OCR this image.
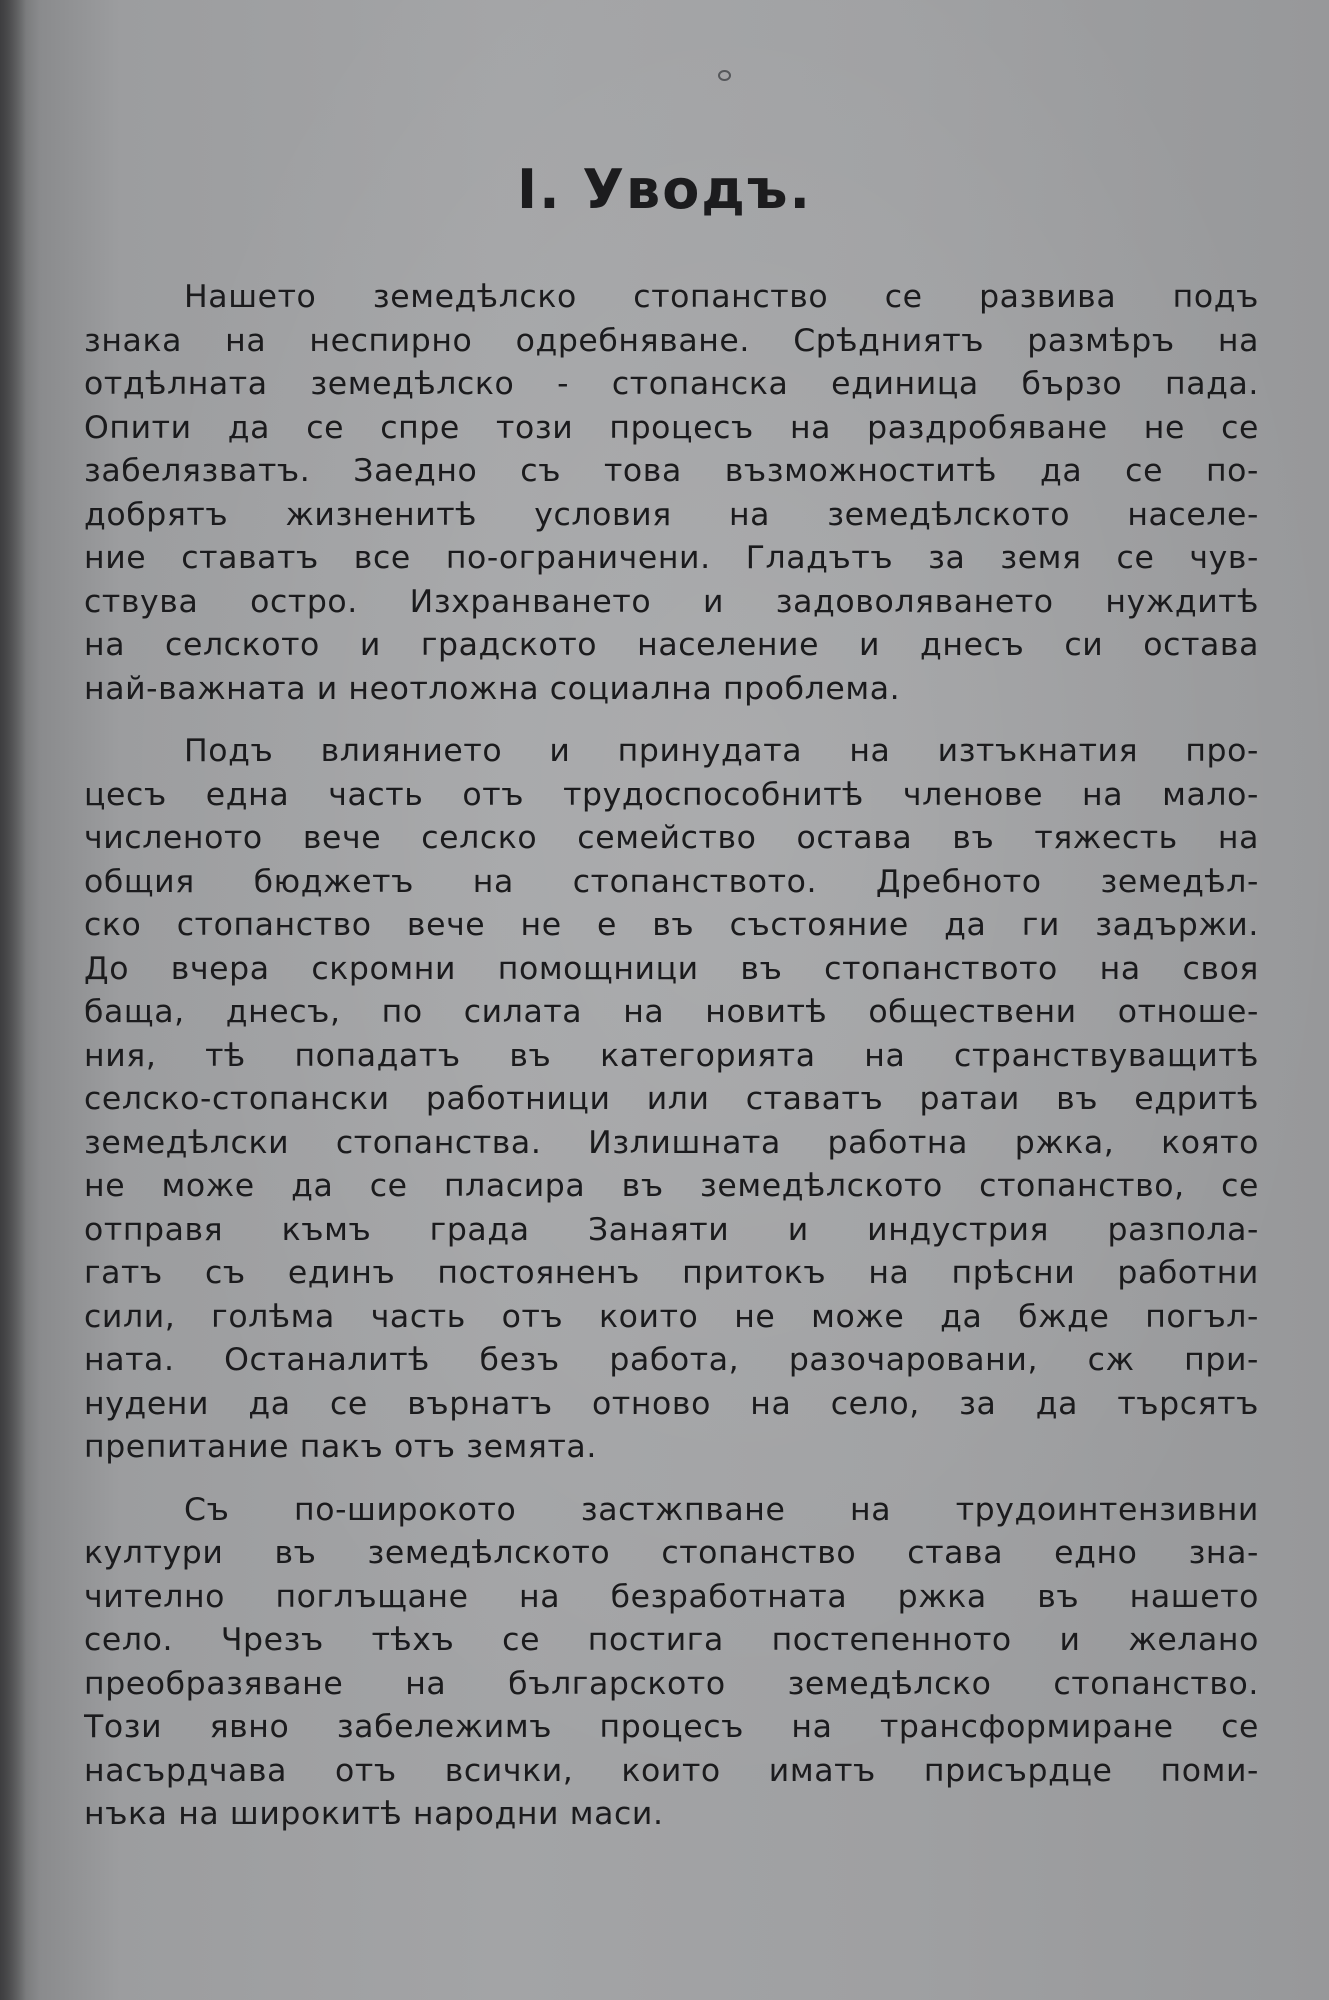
I. Уводъ.
Нашето земедѣлско стопанство се развива подъ
знака на неспирно одребняване. Срѣдниятъ размѣръ на
отдѣлната земедѣлско - стопанска единица бързо пада.
Опити да се спре този процесъ на раздробяване не се
забелязватъ. Заедно съ това възможноститѣ да се по-
добрятъ жизненитѣ условия на земедѣлското населе-
ние ставатъ все по-ограничени. Гладътъ за земя се чув-
ствува остро. Изхранването и задоволяването нуждитѣ
на селското и градското население и днесъ си остава
най-важната и неотложна социална проблема.
Подъ влиянието и принудата на изтъкнатия про-
цесъ една часть отъ трудоспособнитѣ членове на мало-
численото вече селско семейство остава въ тяжесть на
общия бюджетъ на стопанството. Дребното земедѣл-
ско стопанство вече не е въ състояние да ги задържи.
До вчера скромни помощници въ стопанството на своя
баща, днесъ, по силата на новитѣ обществени отноше-
ния, тѣ попадатъ въ категорията на странствуващитѣ
селско-стопански работници или ставатъ ратаи въ едритѣ
земедѣлски стопанства. Излишната работна ржка, която
не може да се пласира въ земедѣлското стопанство, се
отправя къмъ града Занаяти и индустрия разпола-
гатъ съ единъ постояненъ притокъ на прѣсни работни
сили, голѣма часть отъ които не може да бжде погъл-
ната. Останалитѣ безъ работа, разочаровани, сж при-
нудени да се върнатъ отново на село, за да търсятъ
препитание пакъ отъ земята.
Съ по-широкото застжпване на трудоинтензивни
култури въ земедѣлското стопанство става едно зна-
чително поглъщане на безработната ржка въ нашето
село. Чрезъ тѣхъ се постига постепенното и желано
преобразяване на българското земедѣлско стопанство.
Този явно забележимъ процесъ на трансформиране се
насърдчава отъ всички, които иматъ присърдце поми-
нъка на широкитѣ народни маси.
